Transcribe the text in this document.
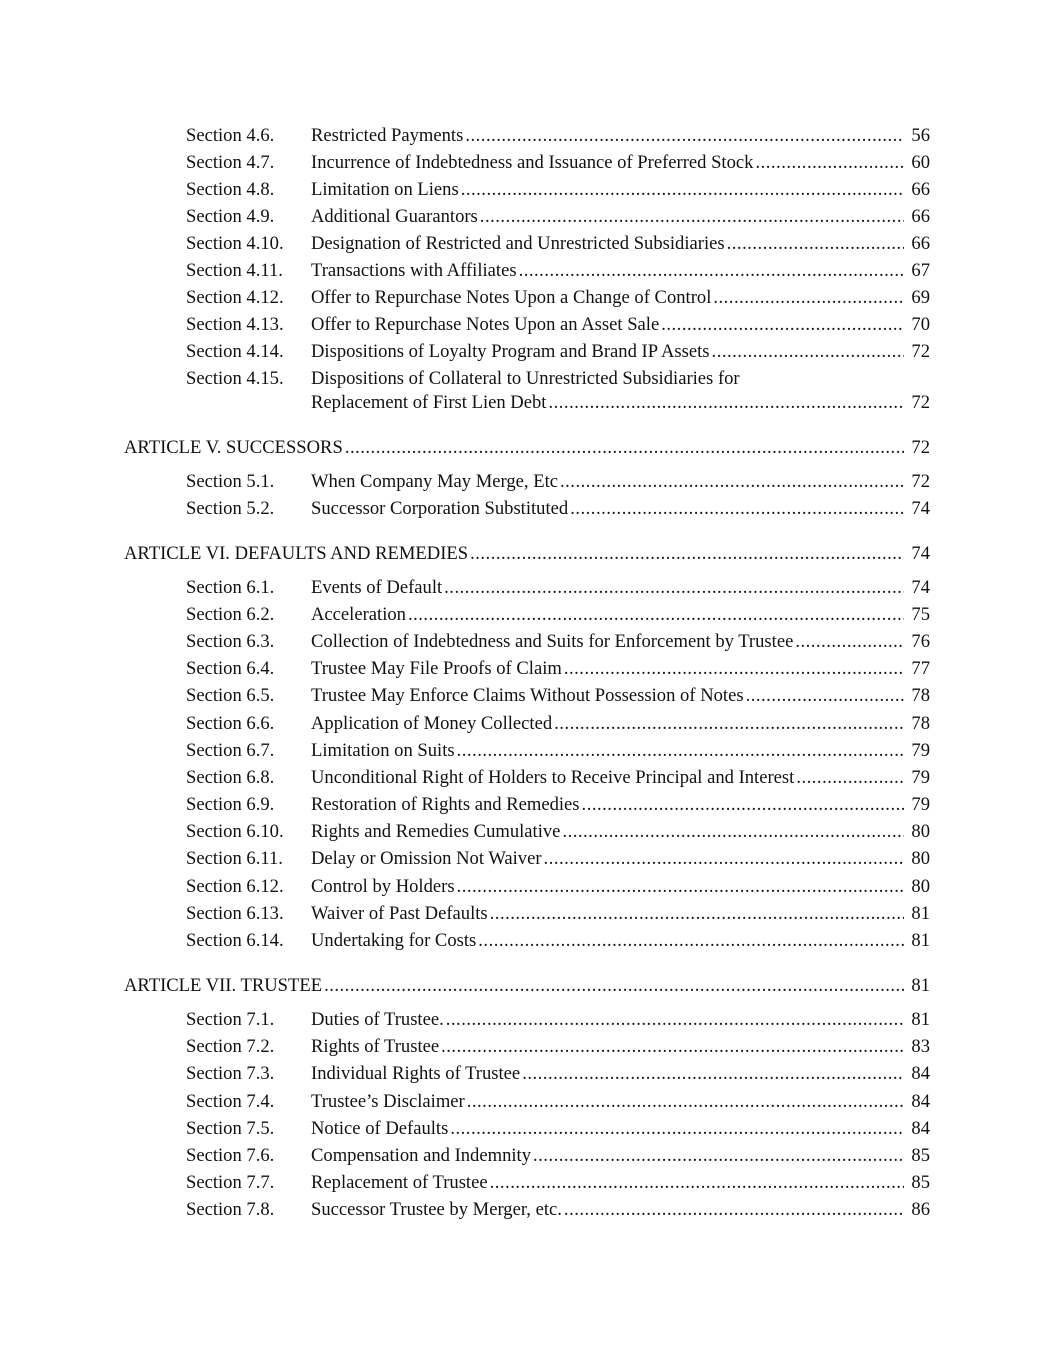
Section 4.6. Restricted Payments .....	56
Section 4.7. Incurrence of Indebtedness and Issuance of Preferred Stock .....	60
Section 4.8. Limitation on Liens .....	66
Section 4.9. Additional Guarantors .....	66
Section 4.10. Designation of Restricted and Unrestricted Subsidiaries .....	66
Section 4.11. Transactions with Affiliates .....	67
Section 4.12. Offer to Repurchase Notes Upon a Change of Control .....	69
Section 4.13. Offer to Repurchase Notes Upon an Asset Sale .....	70
Section 4.14. Dispositions of Loyalty Program and Brand IP Assets .....	72
Section 4.15. Dispositions of Collateral to Unrestricted Subsidiaries for
Replacement of First Lien Debt .....	72
ARTICLE V. SUCCESSORS .....	72
Section 5.1. When Company May Merge, Etc .....	72
Section 5.2. Successor Corporation Substituted .....	74
ARTICLE VI. DEFAULTS AND REMEDIES .....	74
Section 6.1. Events of Default .....	74
Section 6.2. Acceleration .....	75
Section 6.3. Collection of Indebtedness and Suits for Enforcement by Trustee .....	76
Section 6.4. Trustee May File Proofs of Claim .....	77
Section 6.5. Trustee May Enforce Claims Without Possession of Notes .....	78
Section 6.6. Application of Money Collected .....	78
Section 6.7. Limitation on Suits .....	79
Section 6.8. Unconditional Right of Holders to Receive Principal and Interest .....	79
Section 6.9. Restoration of Rights and Remedies .....	79
Section 6.10. Rights and Remedies Cumulative .....	80
Section 6.11. Delay or Omission Not Waiver .....	80
Section 6.12. Control by Holders .....	80
Section 6.13. Waiver of Past Defaults .....	81
Section 6.14. Undertaking for Costs .....	81
ARTICLE VII. TRUSTEE .....	81
Section 7.1. Duties of Trustee. .....	81
Section 7.2. Rights of Trustee .....	83
Section 7.3. Individual Rights of Trustee .....	84
Section 7.4. Trustee’s Disclaimer .....	84
Section 7.5. Notice of Defaults .....	84
Section 7.6. Compensation and Indemnity .....	85
Section 7.7. Replacement of Trustee .....	85
Section 7.8. Successor Trustee by Merger, etc. .....	86
